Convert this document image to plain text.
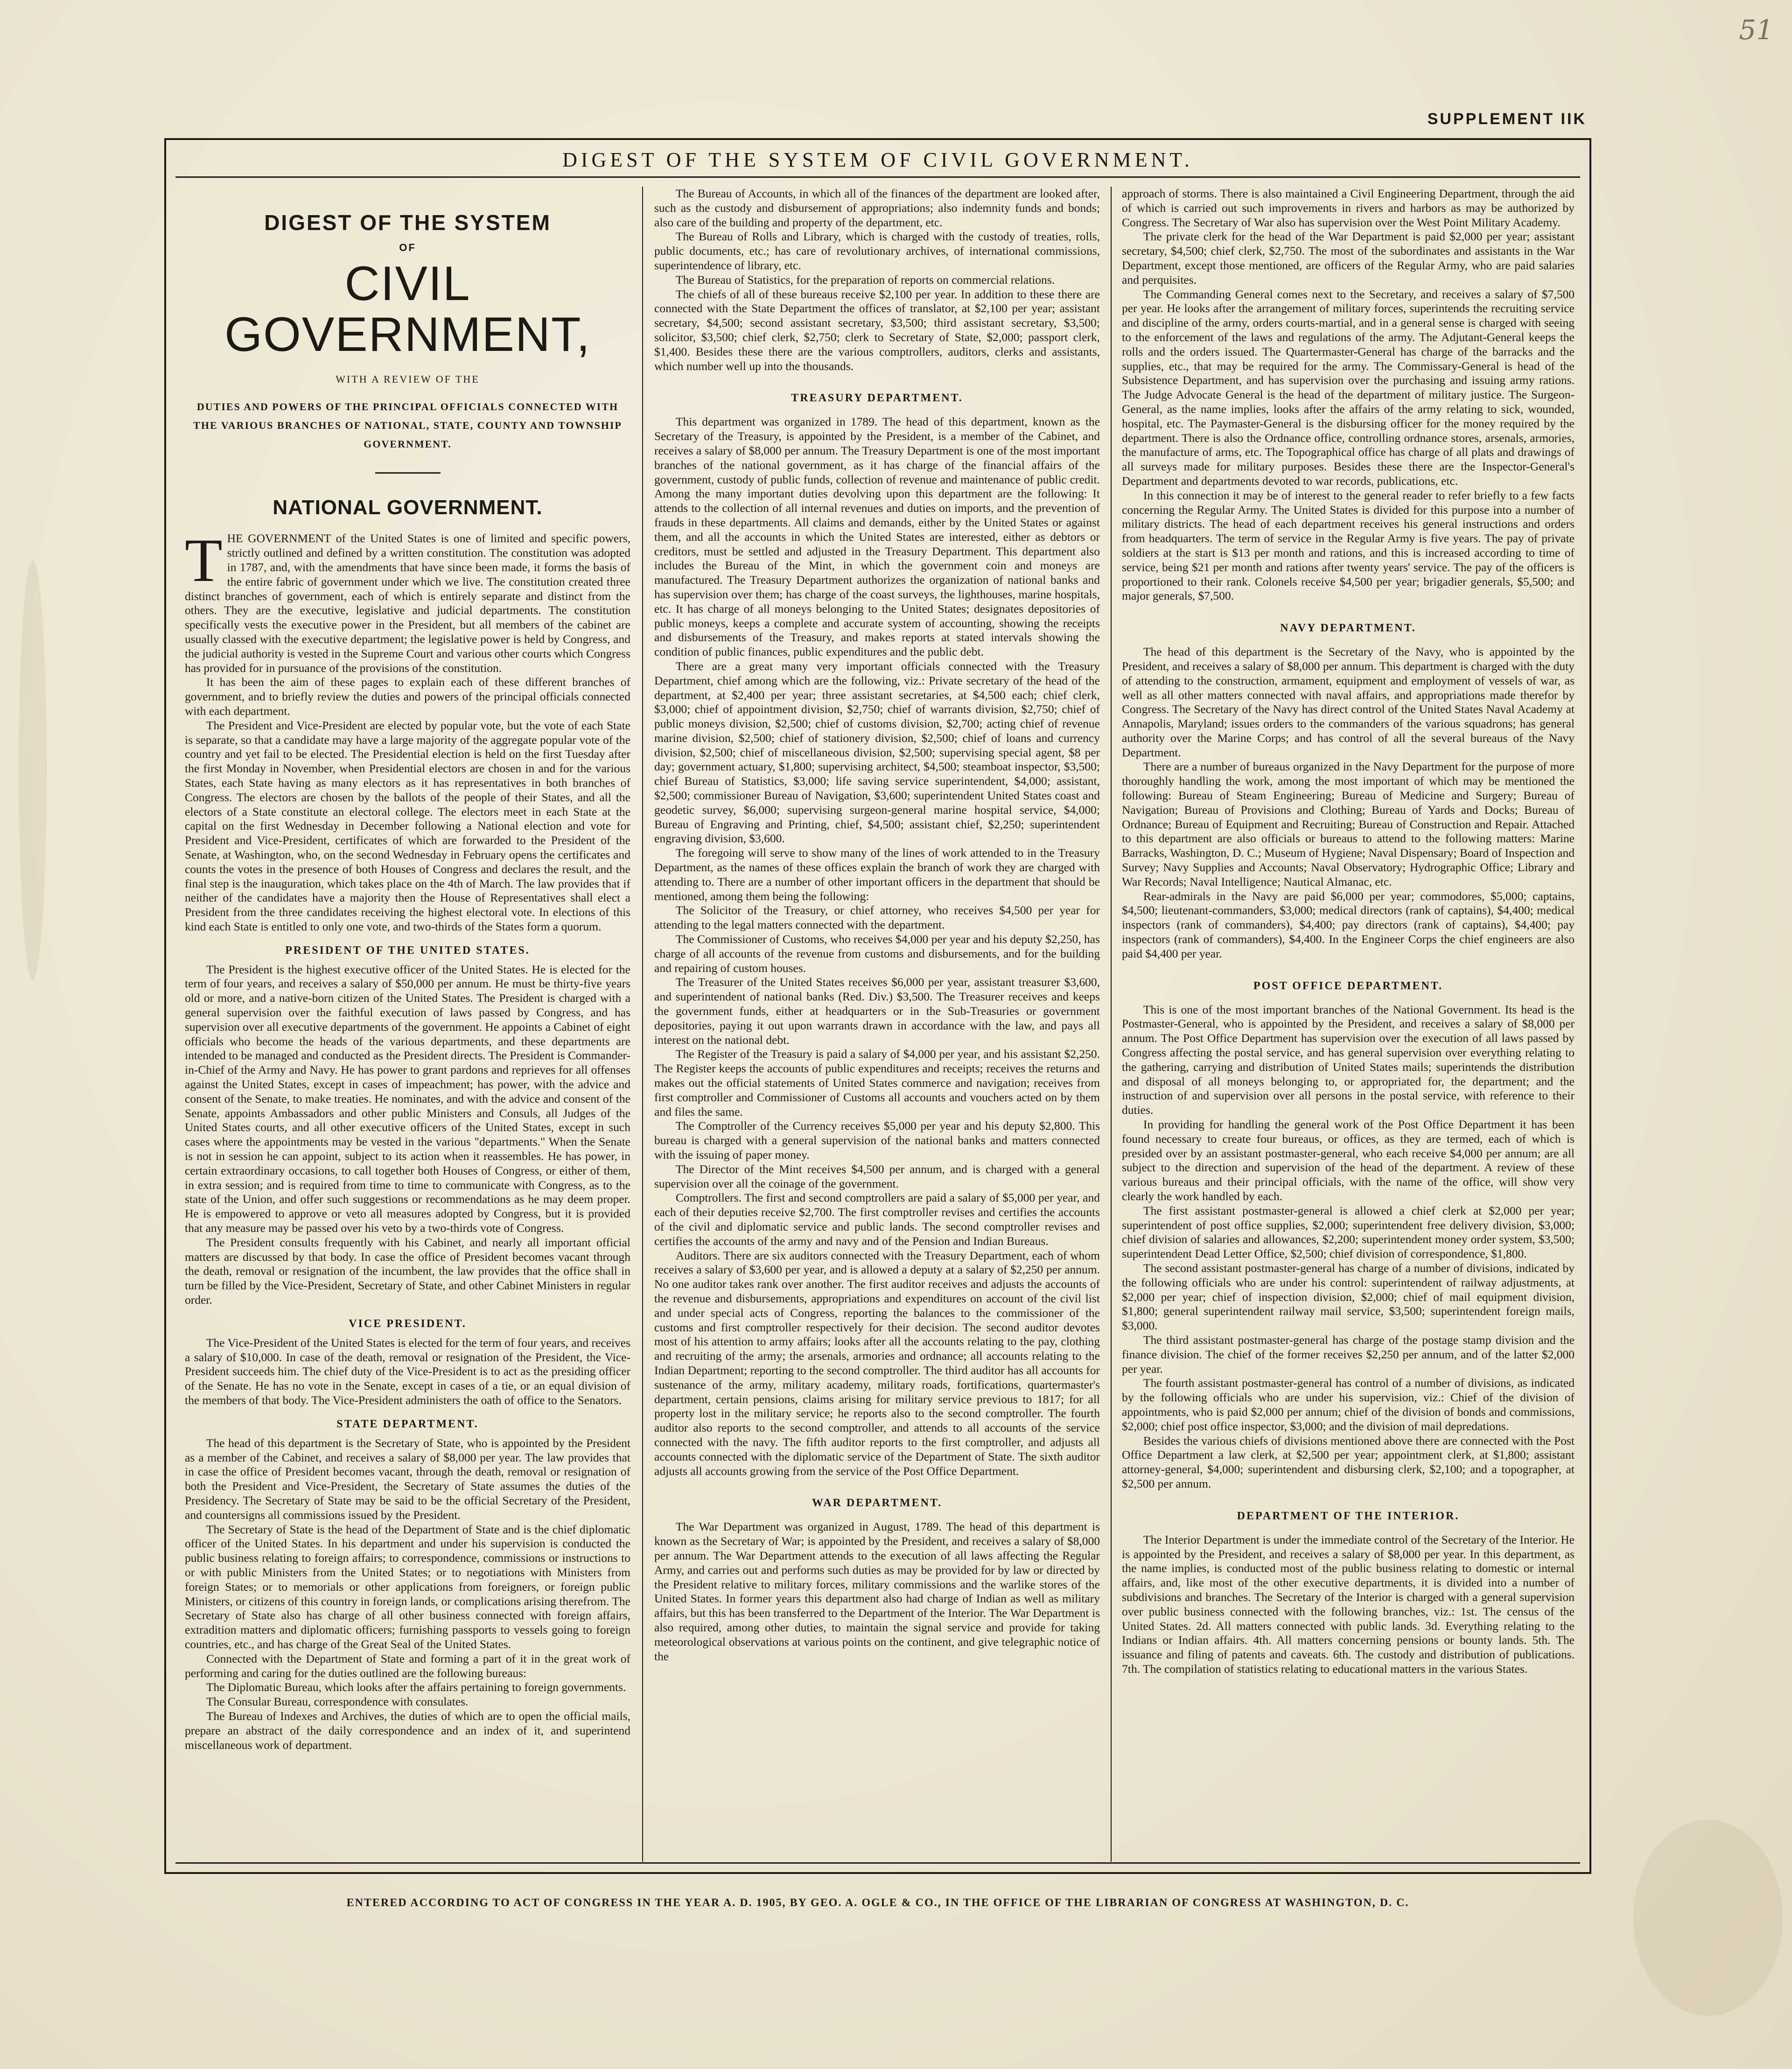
51
SUPPLEMENT IIK
DIGEST OF THE SYSTEM OF CIVIL GOVERNMENT.
DIGEST OF THE SYSTEM
OF
CIVIL GOVERNMENT,
WITH A REVIEW OF THE
DUTIES AND POWERS OF THE PRINCIPAL OFFICIALS CONNECTED WITH THE VARIOUS BRANCHES OF NATIONAL, STATE, COUNTY AND TOWNSHIP GOVERNMENT.
NATIONAL GOVERNMENT.

THE GOVERNMENT of the United States is one of limited and specific powers, strictly outlined and defined by a written constitution. The constitution was adopted in 1787, and, with the amendments that have since been made, it forms the basis of the entire fabric of government under which we live. The constitution created three distinct branches of government, each of which is entirely separate and distinct from the others. They are the executive, legislative and judicial departments. The constitution specifically vests the executive power in the President, but all members of the cabinet are usually classed with the executive department; the legislative power is held by Congress, and the judicial authority is vested in the Supreme Court and various other courts which Congress has provided for in pursuance of the provisions of the constitution.

It has been the aim of these pages to explain each of these different branches of government, and to briefly review the duties and powers of the principal officials connected with each department.

The President and Vice-President are elected by popular vote, but the vote of each State is separate, so that a candidate may have a large majority of the aggregate popular vote of the country and yet fail to be elected. The Presidential election is held on the first Tuesday after the first Monday in November, when Presidential electors are chosen in and for the various States, each State having as many electors as it has representatives in both branches of Congress. The electors are chosen by the ballots of the people of their States, and all the electors of a State constitute an electoral college. The electors meet in each State at the capital on the first Wednesday in December following a National election and vote for President and Vice-President, certificates of which are forwarded to the President of the Senate, at Washington, who, on the second Wednesday in February opens the certificates and counts the votes in the presence of both Houses of Congress and declares the result, and the final step is the inauguration, which takes place on the 4th of March. The law provides that if neither of the candidates have a majority then the House of Representatives shall elect a President from the three candidates receiving the highest electoral vote. In elections of this kind each State is entitled to only one vote, and two-thirds of the States form a quorum.

PRESIDENT OF THE UNITED STATES.

The President is the highest executive officer of the United States. He is elected for the term of four years, and receives a salary of $50,000 per annum. He must be thirty-five years old or more, and a native-born citizen of the United States. The President is charged with a general supervision over the faithful execution of laws passed by Congress, and has supervision over all executive departments of the government. He appoints a Cabinet of eight officials who become the heads of the various departments, and these departments are intended to be managed and conducted as the President directs. The President is Commander-in-Chief of the Army and Navy. He has power to grant pardons and reprieves for all offenses against the United States, except in cases of impeachment; has power, with the advice and consent of the Senate, to make treaties. He nominates, and with the advice and consent of the Senate, appoints Ambassadors and other public Ministers and Consuls, all Judges of the United States courts, and all other executive officers of the United States, except in such cases where the appointments may be vested in the various "departments." When the Senate is not in session he can appoint, subject to its action when it reassembles. He has power, in certain extraordinary occasions, to call together both Houses of Congress, or either of them, in extra session; and is required from time to time to communicate with Congress, as to the state of the Union, and offer such suggestions or recommendations as he may deem proper. He is empowered to approve or veto all measures adopted by Congress, but it is provided that any measure may be passed over his veto by a two-thirds vote of Congress.

The President consults frequently with his Cabinet, and nearly all important official matters are discussed by that body. In case the office of President becomes vacant through the death, removal or resignation of the incumbent, the law provides that the office shall in turn be filled by the Vice-President, Secretary of State, and other Cabinet Ministers in regular order.

VICE PRESIDENT.

The Vice-President of the United States is elected for the term of four years, and receives a salary of $10,000. In case of the death, removal or resignation of the President, the Vice-President succeeds him. The chief duty of the Vice-President is to act as the presiding officer of the Senate. He has no vote in the Senate, except in cases of a tie, or an equal division of the members of that body. The Vice-President administers the oath of office to the Senators.

STATE DEPARTMENT.

The head of this department is the Secretary of State, who is appointed by the President as a member of the Cabinet, and receives a salary of $8,000 per year. The law provides that in case the office of President becomes vacant, through the death, removal or resignation of both the President and Vice-President, the Secretary of State assumes the duties of the Presidency. The Secretary of State may be said to be the official Secretary of the President, and countersigns all commissions issued by the President.

The Secretary of State is the head of the Department of State and is the chief diplomatic officer of the United States. In his department and under his supervision is conducted the public business relating to foreign affairs; to correspondence, commissions or instructions to or with public Ministers from the United States; or to negotiations with Ministers from foreign States; or to memorials or other applications from foreigners, or foreign public Ministers, or citizens of this country in foreign lands, or complications arising therefrom. The Secretary of State also has charge of all other business connected with foreign affairs, extradition matters and diplomatic officers; furnishing passports to vessels going to foreign countries, etc., and has charge of the Great Seal of the United States.

Connected with the Department of State and forming a part of it in the great work of performing and caring for the duties outlined are the following bureaus:

The Diplomatic Bureau, which looks after the affairs pertaining to foreign governments.

The Consular Bureau, correspondence with consulates.

The Bureau of Indexes and Archives, the duties of which are to open the official mails, prepare an abstract of the daily correspondence and an index of it, and superintend miscellaneous work of department.

The Bureau of Accounts, in which all of the finances of the department are looked after, such as the custody and disbursement of appropriations; also indemnity funds and bonds; also care of the building and property of the department, etc.

The Bureau of Rolls and Library, which is charged with the custody of treaties, rolls, public documents, etc.; has care of revolutionary archives, of international commissions, superintendence of library, etc.

The Bureau of Statistics, for the preparation of reports on commercial relations.

The chiefs of all of these bureaus receive $2,100 per year. In addition to these there are connected with the State Department the offices of translator, at $2,100 per year; assistant secretary, $4,500; second assistant secretary, $3,500; third assistant secretary, $3,500; solicitor, $3,500; chief clerk, $2,750; clerk to Secretary of State, $2,000; passport clerk, $1,400. Besides these there are the various comptrollers, auditors, clerks and assistants, which number well up into the thousands.

TREASURY DEPARTMENT.

This department was organized in 1789. The head of this department, known as the Secretary of the Treasury, is appointed by the President, is a member of the Cabinet, and receives a salary of $8,000 per annum. The Treasury Department is one of the most important branches of the national government, as it has charge of the financial affairs of the government, custody of public funds, collection of revenue and maintenance of public credit. Among the many important duties devolving upon this department are the following: It attends to the collection of all internal revenues and duties on imports, and the prevention of frauds in these departments. All claims and demands, either by the United States or against them, and all the accounts in which the United States are interested, either as debtors or creditors, must be settled and adjusted in the Treasury Department. This department also includes the Bureau of the Mint, in which the government coin and moneys are manufactured. The Treasury Department authorizes the organization of national banks and has supervision over them; has charge of the coast surveys, the lighthouses, marine hospitals, etc. It has charge of all moneys belonging to the United States; designates depositories of public moneys, keeps a complete and accurate system of accounting, showing the receipts and disbursements of the Treasury, and makes reports at stated intervals showing the condition of public finances, public expenditures and the public debt.

There are a great many very important officials connected with the Treasury Department, chief among which are the following, viz.: Private secretary of the head of the department, at $2,400 per year; three assistant secretaries, at $4,500 each; chief clerk, $3,000; chief of appointment division, $2,750; chief of warrants division, $2,750; chief of public moneys division, $2,500; chief of customs division, $2,700; acting chief of revenue marine division, $2,500; chief of stationery division, $2,500; chief of loans and currency division, $2,500; chief of miscellaneous division, $2,500; supervising special agent, $8 per day; government actuary, $1,800; supervising architect, $4,500; steamboat inspector, $3,500; chief Bureau of Statistics, $3,000; life saving service superintendent, $4,000; assistant, $2,500; commissioner Bureau of Navigation, $3,600; superintendent United States coast and geodetic survey, $6,000; supervising surgeon-general marine hospital service, $4,000; Bureau of Engraving and Printing, chief, $4,500; assistant chief, $2,250; superintendent engraving division, $3,600.

The foregoing will serve to show many of the lines of work attended to in the Treasury Department, as the names of these offices explain the branch of work they are charged with attending to. There are a number of other important officers in the department that should be mentioned, among them being the following:

The Solicitor of the Treasury, or chief attorney, who receives $4,500 per year for attending to the legal matters connected with the department.

The Commissioner of Customs, who receives $4,000 per year and his deputy $2,250, has charge of all accounts of the revenue from customs and disbursements, and for the building and repairing of custom houses.

The Treasurer of the United States receives $6,000 per year, assistant treasurer $3,600, and superintendent of national banks (Red. Div.) $3,500. The Treasurer receives and keeps the government funds, either at headquarters or in the Sub-Treasuries or government depositories, paying it out upon warrants drawn in accordance with the law, and pays all interest on the national debt.

The Register of the Treasury is paid a salary of $4,000 per year, and his assistant $2,250. The Register keeps the accounts of public expenditures and receipts; receives the returns and makes out the official statements of United States commerce and navigation; receives from first comptroller and Commissioner of Customs all accounts and vouchers acted on by them and files the same.

The Comptroller of the Currency receives $5,000 per year and his deputy $2,800. This bureau is charged with a general supervision of the national banks and matters connected with the issuing of paper money.

The Director of the Mint receives $4,500 per annum, and is charged with a general supervision over all the coinage of the government.

Comptrollers. The first and second comptrollers are paid a salary of $5,000 per year, and each of their deputies receive $2,700. The first comptroller revises and certifies the accounts of the civil and diplomatic service and public lands. The second comptroller revises and certifies the accounts of the army and navy and of the Pension and Indian Bureaus.

Auditors. There are six auditors connected with the Treasury Department, each of whom receives a salary of $3,600 per year, and is allowed a deputy at a salary of $2,250 per annum. No one auditor takes rank over another. The first auditor receives and adjusts the accounts of the revenue and disbursements, appropriations and expenditures on account of the civil list and under special acts of Congress, reporting the balances to the commissioner of the customs and first comptroller respectively for their decision. The second auditor devotes most of his attention to army affairs; looks after all the accounts relating to the pay, clothing and recruiting of the army; the arsenals, armories and ordnance; all accounts relating to the Indian Department; reporting to the second comptroller. The third auditor has all accounts for sustenance of the army, military academy, military roads, fortifications, quartermaster's department, certain pensions, claims arising for military service previous to 1817; for all property lost in the military service; he reports also to the second comptroller. The fourth auditor also reports to the second comptroller, and attends to all accounts of the service connected with the navy. The fifth auditor reports to the first comptroller, and adjusts all accounts connected with the diplomatic service of the Department of State. The sixth auditor adjusts all accounts growing from the service of the Post Office Department.

WAR DEPARTMENT.

The War Department was organized in August, 1789. The head of this department is known as the Secretary of War; is appointed by the President, and receives a salary of $8,000 per annum. The War Department attends to the execution of all laws affecting the Regular Army, and carries out and performs such duties as may be provided for by law or directed by the President relative to military forces, military commissions and the warlike stores of the United States. In former years this department also had charge of Indian as well as military affairs, but this has been transferred to the Department of the Interior. The War Department is also required, among other duties, to maintain the signal service and provide for taking meteorological observations at various points on the continent, and give telegraphic notice of the

approach of storms. There is also maintained a Civil Engineering Department, through the aid of which is carried out such improvements in rivers and harbors as may be authorized by Congress. The Secretary of War also has supervision over the West Point Military Academy.

The private clerk for the head of the War Department is paid $2,000 per year; assistant secretary, $4,500; chief clerk, $2,750. The most of the subordinates and assistants in the War Department, except those mentioned, are officers of the Regular Army, who are paid salaries and perquisites.

The Commanding General comes next to the Secretary, and receives a salary of $7,500 per year. He looks after the arrangement of military forces, superintends the recruiting service and discipline of the army, orders courts-martial, and in a general sense is charged with seeing to the enforcement of the laws and regulations of the army. The Adjutant-General keeps the rolls and the orders issued. The Quartermaster-General has charge of the barracks and the supplies, etc., that may be required for the army. The Commissary-General is head of the Subsistence Department, and has supervision over the purchasing and issuing army rations. The Judge Advocate General is the head of the department of military justice. The Surgeon-General, as the name implies, looks after the affairs of the army relating to sick, wounded, hospital, etc. The Paymaster-General is the disbursing officer for the money required by the department. There is also the Ordnance office, controlling ordnance stores, arsenals, armories, the manufacture of arms, etc. The Topographical office has charge of all plats and drawings of all surveys made for military purposes. Besides these there are the Inspector-General's Department and departments devoted to war records, publications, etc.

In this connection it may be of interest to the general reader to refer briefly to a few facts concerning the Regular Army. The United States is divided for this purpose into a number of military districts. The head of each department receives his general instructions and orders from headquarters. The term of service in the Regular Army is five years. The pay of private soldiers at the start is $13 per month and rations, and this is increased according to time of service, being $21 per month and rations after twenty years' service. The pay of the officers is proportioned to their rank. Colonels receive $4,500 per year; brigadier generals, $5,500; and major generals, $7,500.

NAVY DEPARTMENT.

The head of this department is the Secretary of the Navy, who is appointed by the President, and receives a salary of $8,000 per annum. This department is charged with the duty of attending to the construction, armament, equipment and employment of vessels of war, as well as all other matters connected with naval affairs, and appropriations made therefor by Congress. The Secretary of the Navy has direct control of the United States Naval Academy at Annapolis, Maryland; issues orders to the commanders of the various squadrons; has general authority over the Marine Corps; and has control of all the several bureaus of the Navy Department.

There are a number of bureaus organized in the Navy Department for the purpose of more thoroughly handling the work, among the most important of which may be mentioned the following: Bureau of Steam Engineering; Bureau of Medicine and Surgery; Bureau of Navigation; Bureau of Provisions and Clothing; Bureau of Yards and Docks; Bureau of Ordnance; Bureau of Equipment and Recruiting; Bureau of Construction and Repair. Attached to this department are also officials or bureaus to attend to the following matters: Marine Barracks, Washington, D. C.; Museum of Hygiene; Naval Dispensary; Board of Inspection and Survey; Navy Supplies and Accounts; Naval Observatory; Hydrographic Office; Library and War Records; Naval Intelligence; Nautical Almanac, etc.

Rear-admirals in the Navy are paid $6,000 per year; commodores, $5,000; captains, $4,500; lieutenant-commanders, $3,000; medical directors (rank of captains), $4,400; medical inspectors (rank of commanders), $4,400; pay directors (rank of captains), $4,400; pay inspectors (rank of commanders), $4,400. In the Engineer Corps the chief engineers are also paid $4,400 per year.

POST OFFICE DEPARTMENT.

This is one of the most important branches of the National Government. Its head is the Postmaster-General, who is appointed by the President, and receives a salary of $8,000 per annum. The Post Office Department has supervision over the execution of all laws passed by Congress affecting the postal service, and has general supervision over everything relating to the gathering, carrying and distribution of United States mails; superintends the distribution and disposal of all moneys belonging to, or appropriated for, the department; and the instruction of and supervision over all persons in the postal service, with reference to their duties.

In providing for handling the general work of the Post Office Department it has been found necessary to create four bureaus, or offices, as they are termed, each of which is presided over by an assistant postmaster-general, who each receive $4,000 per annum; are all subject to the direction and supervision of the head of the department. A review of these various bureaus and their principal officials, with the name of the office, will show very clearly the work handled by each.

The first assistant postmaster-general is allowed a chief clerk at $2,000 per year; superintendent of post office supplies, $2,000; superintendent free delivery division, $3,000; chief division of salaries and allowances, $2,200; superintendent money order system, $3,500; superintendent Dead Letter Office, $2,500; chief division of correspondence, $1,800.

The second assistant postmaster-general has charge of a number of divisions, indicated by the following officials who are under his control: superintendent of railway adjustments, at $2,000 per year; chief of inspection division, $2,000; chief of mail equipment division, $1,800; general superintendent railway mail service, $3,500; superintendent foreign mails, $3,000.

The third assistant postmaster-general has charge of the postage stamp division and the finance division. The chief of the former receives $2,250 per annum, and of the latter $2,000 per year.

The fourth assistant postmaster-general has control of a number of divisions, as indicated by the following officials who are under his supervision, viz.: Chief of the division of appointments, who is paid $2,000 per annum; chief of the division of bonds and commissions, $2,000; chief post office inspector, $3,000; and the division of mail depredations.

Besides the various chiefs of divisions mentioned above there are connected with the Post Office Department a law clerk, at $2,500 per year; appointment clerk, at $1,800; assistant attorney-general, $4,000; superintendent and disbursing clerk, $2,100; and a topographer, at $2,500 per annum.

DEPARTMENT OF THE INTERIOR.

The Interior Department is under the immediate control of the Secretary of the Interior. He is appointed by the President, and receives a salary of $8,000 per year. In this department, as the name implies, is conducted most of the public business relating to domestic or internal affairs, and, like most of the other executive departments, it is divided into a number of subdivisions and branches. The Secretary of the Interior is charged with a general supervision over public business connected with the following branches, viz.: 1st. The census of the United States. 2d. All matters connected with public lands. 3d. Everything relating to the Indians or Indian affairs. 4th. All matters concerning pensions or bounty lands. 5th. The issuance and filing of patents and caveats. 6th. The custody and distribution of publications. 7th. The compilation of statistics relating to educational matters in the various States.

ENTERED ACCORDING TO ACT OF CONGRESS IN THE YEAR A. D. 1905, BY GEO. A. OGLE & CO., IN THE OFFICE OF THE LIBRARIAN OF CONGRESS AT WASHINGTON, D. C.
